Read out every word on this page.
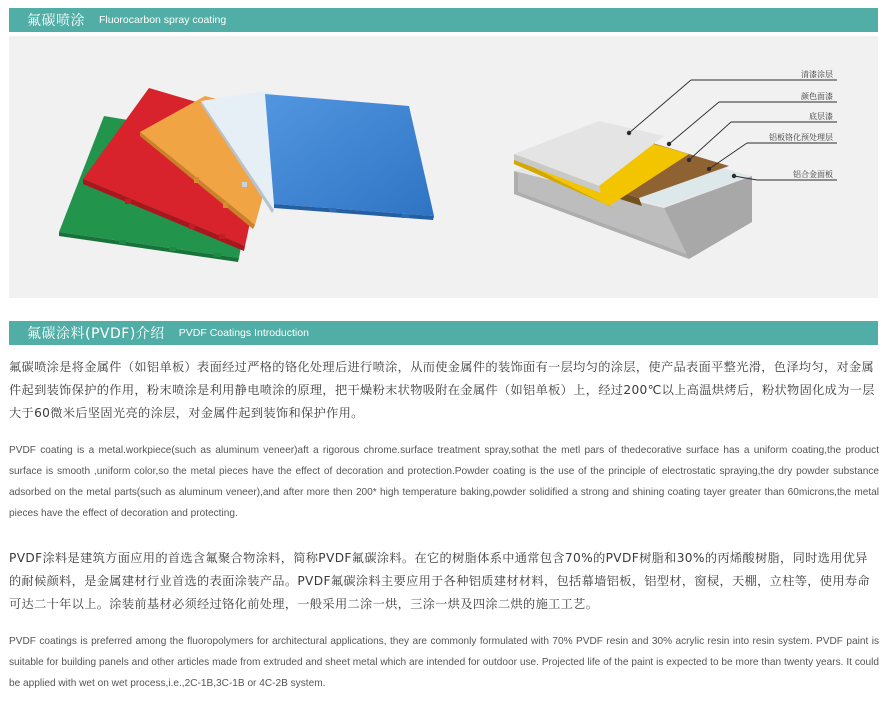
氟碳喷涂 Fluorocarbon spray coating
清漆涂层
颜色面漆
底层漆
铝板铬化预处理层
铝合金面板
氟碳涂料(PVDF)介绍 PVDF Coatings Introduction

氟碳喷涂是将金属件（如铝单板）表面经过严格的铬化处理后进行喷涂，从而使金属件的装饰面有一层均匀的涂层，使产品表面平整光滑，色泽均匀，对金属件起到装饰保护的作用，粉末喷涂是利用静电喷涂的原理，把干燥粉末状物吸附在金属件（如铝单板）上，经过200℃以上高温烘烤后，粉状物固化成为一层大于60微米后坚固光亮的涂层，对金属件起到装饰和保护作用。

PVDF coating is a metal.workpiece(such as aluminum veneer)aft a rigorous chrome.surface treatment spray,sothat the metl pars of thedecorative surface has a uniform coating,the product surface is smooth ,uniform color,so the metal pieces have the effect of decoration and protection.Powder coating is the use of the principle of electrostatic spraying,the dry powder substance adsorbed on the metal parts(such as aluminum veneer),and after more then 200* high temperature baking,powder solidified a strong and shining coating tayer greater than 60microns,the metal pieces have the effect of decoration and protecting.

PVDF涂料是建筑方面应用的首选含氟聚合物涂料，简称PVDF氟碳涂料。在它的树脂体系中通常包含70%的PVDF树脂和30%的丙烯酸树脂，同时选用优异的耐候颜料，是金属建材行业首选的表面涂装产品。PVDF氟碳涂料主要应用于各种铝质建材材料，包括幕墙铝板，铝型材，窗棂，天棚，立柱等，使用寿命可达二十年以上。涂装前基材必须经过铬化前处理，一般采用二涂一烘，三涂一烘及四涂二烘的施工工艺。

PVDF coatings is preferred among the fluoropolymers for architectural applications, they are commonly formulated with 70% PVDF resin and 30% acrylic resin into resin system. PVDF paint is suitable for building panels and other articles made from extruded and sheet metal which are intended for outdoor use. Projected life of the paint is expected to be more than twenty years. It could be applied with wet on wet process,i.e.,2C-1B,3C-1B or 4C-2B system.
